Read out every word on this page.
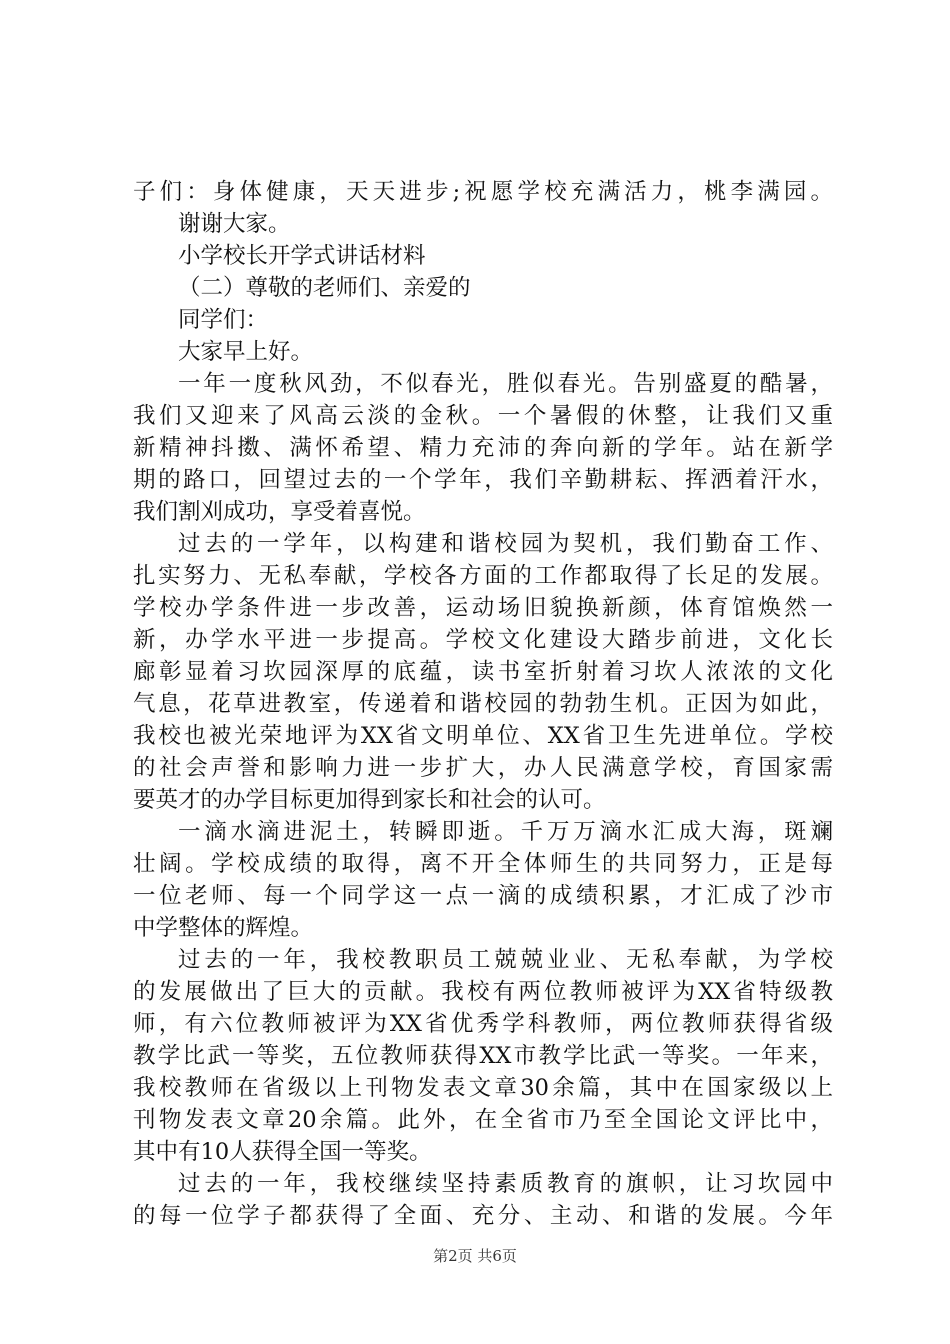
子们：身体健康，天天进步;祝愿学校充满活力，桃李满园。
谢谢大家。
小学校长开学式讲话材料
（二）尊敬的老师们、亲爱的
同学们：
大家早上好。
一年一度秋风劲，不似春光，胜似春光。告别盛夏的酷暑，
我们又迎来了风高云淡的金秋。一个暑假的休整，让我们又重
新精神抖擞、满怀希望、精力充沛的奔向新的学年。站在新学
期的路口，回望过去的一个学年，我们辛勤耕耘、挥洒着汗水，
我们割刈成功，享受着喜悦。
过去的一学年，以构建和谐校园为契机，我们勤奋工作、
扎实努力、无私奉献，学校各方面的工作都取得了长足的发展。
学校办学条件进一步改善，运动场旧貌换新颜，体育馆焕然一
新，办学水平进一步提高。学校文化建设大踏步前进，文化长
廊彰显着习坎园深厚的底蕴，读书室折射着习坎人浓浓的文化
气息，花草进教室，传递着和谐校园的勃勃生机。正因为如此，
我校也被光荣地评为XX省文明单位、XX省卫生先进单位。学校
的社会声誉和影响力进一步扩大，办人民满意学校，育国家需
要英才的办学目标更加得到家长和社会的认可。
一滴水滴进泥土，转瞬即逝。千万万滴水汇成大海，斑斓
壮阔。学校成绩的取得，离不开全体师生的共同努力，正是每
一位老师、每一个同学这一点一滴的成绩积累，才汇成了沙市
中学整体的辉煌。
过去的一年，我校教职员工兢兢业业、无私奉献，为学校
的发展做出了巨大的贡献。我校有两位教师被评为XX省特级教
师，有六位教师被评为XX省优秀学科教师，两位教师获得省级
教学比武一等奖，五位教师获得XX市教学比武一等奖。一年来，
我校教师在省级以上刊物发表文章30余篇，其中在国家级以上
刊物发表文章20余篇。此外，在全省市乃至全国论文评比中，
其中有10人获得全国一等奖。
过去的一年，我校继续坚持素质教育的旗帜，让习坎园中
的每一位学子都获得了全面、充分、主动、和谐的发展。今年
第2页 共6页
